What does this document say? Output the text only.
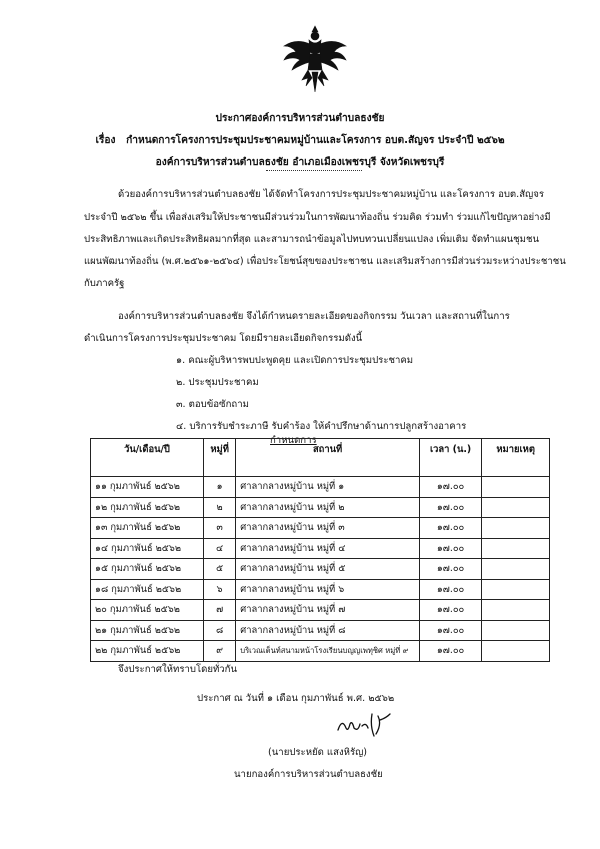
ประกาศองค์การบริหารส่วนตำบลธงชัย
เรื่อง กำหนดการโครงการประชุมประชาคมหมู่บ้านและโครงการ อบต.สัญจร ประจำปี ๒๕๖๒
องค์การบริหารส่วนตำบลธงชัย อำเภอเมืองเพชรบุรี จังหวัดเพชรบุรี
ด้วยองค์การบริหารส่วนตำบลธงชัย ได้จัดทำโครงการประชุมประชาคมหมู่บ้าน และโครงการ อบต.สัญจร
ประจำปี ๒๕๖๒ ขึ้น เพื่อส่งเสริมให้ประชาชนมีส่วนร่วมในการพัฒนาท้องถิ่น ร่วมคิด ร่วมทำ ร่วมแก้ไขปัญหาอย่างมี
ประสิทธิภาพและเกิดประสิทธิผลมากที่สุด และสามารถนำข้อมูลไปทบทวนเปลี่ยนแปลง เพิ่มเติม จัดทำแผนชุมชน
แผนพัฒนาท้องถิ่น (พ.ศ.๒๕๖๑-๒๕๖๔) เพื่อประโยชน์สุขของประชาชน และเสริมสร้างการมีส่วนร่วมระหว่างประชาชน
กับภาครัฐ
องค์การบริหารส่วนตำบลธงชัย จึงได้กำหนดรายละเอียดของกิจกรรม วันเวลา และสถานที่ในการ
ดำเนินการโครงการประชุมประชาคม โดยมีรายละเอียดกิจกรรมดังนี้
๑. คณะผู้บริหารพบปะพูดคุย และเปิดการประชุมประชาคม
๒. ประชุมประชาคม
๓. ตอบข้อซักถาม
๔. บริการรับชำระภาษี รับคำร้อง ให้คำปรึกษาด้านการปลูกสร้างอาคาร
กำหนดการ
วัน/เดือน/ปี	หมู่ที่	สถานที่	เวลา (น.)	หมายเหตุ
๑๑ กุมภาพันธ์ ๒๕๖๒	๑	ศาลากลางหมู่บ้าน หมู่ที่ ๑	๑๗.๐๐	
๑๒ กุมภาพันธ์ ๒๕๖๒	๒	ศาลากลางหมู่บ้าน หมู่ที่ ๒	๑๗.๐๐	
๑๓ กุมภาพันธ์ ๒๕๖๒	๓	ศาลากลางหมู่บ้าน หมู่ที่ ๓	๑๗.๐๐	
๑๔ กุมภาพันธ์ ๒๕๖๒	๔	ศาลากลางหมู่บ้าน หมู่ที่ ๔	๑๗.๐๐	
๑๕ กุมภาพันธ์ ๒๕๖๒	๕	ศาลากลางหมู่บ้าน หมู่ที่ ๕	๑๗.๐๐	
๑๘ กุมภาพันธ์ ๒๕๖๒	๖	ศาลากลางหมู่บ้าน หมู่ที่ ๖	๑๗.๐๐	
๒๐ กุมภาพันธ์ ๒๕๖๒	๗	ศาลากลางหมู่บ้าน หมู่ที่ ๗	๑๗.๐๐	
๒๑ กุมภาพันธ์ ๒๕๖๒	๘	ศาลากลางหมู่บ้าน หมู่ที่ ๘	๑๗.๐๐	
๒๒ กุมภาพันธ์ ๒๕๖๒	๙	บริเวณเต็นท์สนามหน้าโรงเรียนบญญเพทุชิศ หมู่ที่ ๙	๑๗.๐๐	
จึงประกาศให้ทราบโดยทั่วกัน
ประกาศ ณ วันที่ ๑ เดือน กุมภาพันธ์ พ.ศ. ๒๕๖๒
(นายประหยัด แสงหิรัญ)
นายกองค์การบริหารส่วนตำบลธงชัย
